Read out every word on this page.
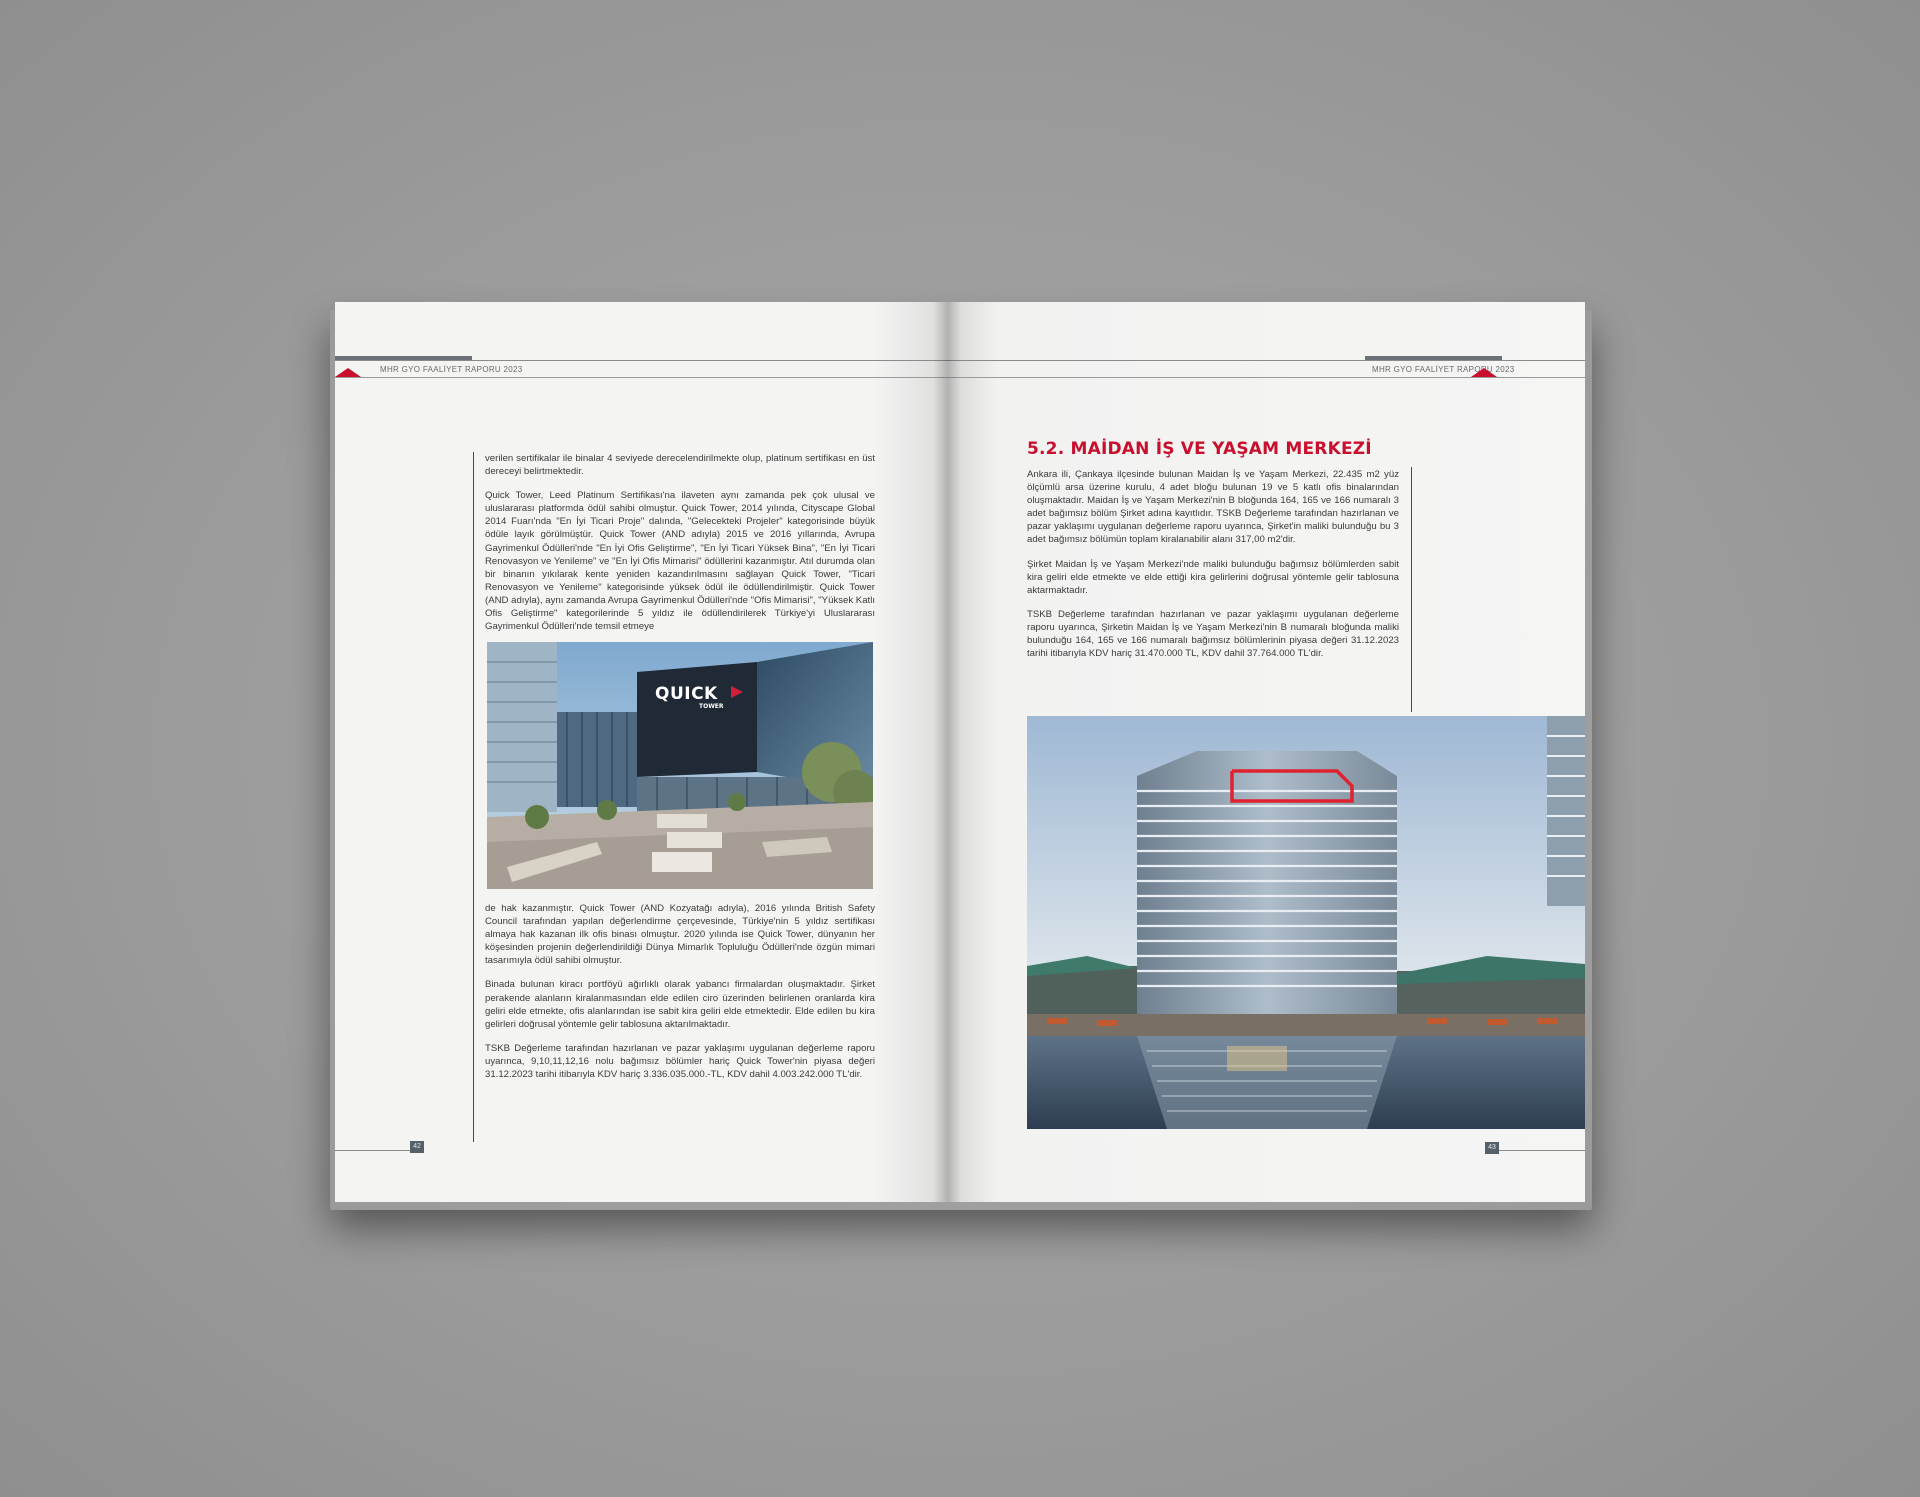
MHR GYO FAALİYET RAPORU 2023

verilen sertifikalar ile binalar 4 seviyede derecelendirilmekte olup, platinum sertifikası en üst dereceyi belirtmektedir.

Quick Tower, Leed Platinum Sertifikası'na ilaveten aynı zamanda pek çok ulusal ve uluslararası platformda ödül sahibi olmuştur. Quick Tower, 2014 yılında, Cityscape Global 2014 Fuarı'nda "En İyi Ticari Proje" dalında, "Gelecekteki Projeler" kategorisinde büyük ödüle layık görülmüştür. Quick Tower (AND adıyla) 2015 ve 2016 yıllarında, Avrupa Gayrimenkul Ödülleri'nde "En İyi Ofis Geliştirme", "En İyi Ticari Yüksek Bina", "En İyi Ticari Renovasyon ve Yenileme" ve "En İyi Ofis Mimarisi" ödüllerini kazanmıştır. Atıl durumda olan bir binanın yıkılarak kente yeniden kazandırılmasını sağlayan Quick Tower, "Ticari Renovasyon ve Yenileme" kategorisinde yüksek ödül ile ödüllendirilmiştir. Quick Tower (AND adıyla), aynı zamanda Avrupa Gayrimenkul Ödülleri'nde "Ofis Mimarisi", "Yüksek Katlı Ofis Geliştirme" kategorilerinde 5 yıldız ile ödüllendirilerek Türkiye'yi Uluslararası Gayrimenkul Ödülleri'nde temsil etmeye

QUICK
TOWER

de hak kazanmıştır. Quick Tower (AND Kozyatağı adıyla), 2016 yılında British Safety Council tarafından yapılan değerlendirme çerçevesinde, Türkiye'nin 5 yıldız sertifikası almaya hak kazanan ilk ofis binası olmuştur. 2020 yılında ise Quick Tower, dünyanın her köşesinden projenin değerlendirildiği Dünya Mimarlık Topluluğu Ödülleri'nde özgün mimari tasarımıyla ödül sahibi olmuştur.

Binada bulunan kiracı portföyü ağırlıklı olarak yabancı firmalardan oluşmaktadır. Şirket perakende alanların kiralanmasından elde edilen ciro üzerinden belirlenen oranlarda kira geliri elde etmekte, ofis alanlarından ise sabit kira geliri elde etmektedir. Elde edilen bu kira gelirleri doğrusal yöntemle gelir tablosuna aktarılmaktadır.

TSKB Değerleme tarafından hazırlanan ve pazar yaklaşımı uygulanan değerleme raporu uyarınca, 9,10,11,12,16 nolu bağımsız bölümler hariç Quick Tower'nin piyasa değeri 31.12.2023 tarihi itibarıyla KDV hariç 3.336.035.000.-TL, KDV dahil 4.003.242.000 TL'dir.

42
MHR GYO FAALİYET RAPORU 2023
5.2. MAİDAN İŞ VE YAŞAM MERKEZİ

Ankara ili, Çankaya ilçesinde bulunan Maidan İş ve Yaşam Merkezi, 22.435 m2 yüz ölçümlü arsa üzerine kurulu, 4 adet bloğu bulunan 19 ve 5 katlı ofis binalarından oluşmaktadır. Maidan İş ve Yaşam Merkezi'nin B bloğunda 164, 165 ve 166 numaralı 3 adet bağımsız bölüm Şirket adına kayıtlıdır. TSKB Değerleme tarafından hazırlanan ve pazar yaklaşımı uygulanan değerleme raporu uyarınca, Şirket'in maliki bulunduğu bu 3 adet bağımsız bölümün toplam kiralanabilir alanı 317,00 m2'dir.

Şirket Maidan İş ve Yaşam Merkezi'nde maliki bulunduğu bağımsız bölümlerden sabit kira geliri elde etmekte ve elde ettiği kira gelirlerini doğrusal yöntemle gelir tablosuna aktarmaktadır.

TSKB Değerleme tarafından hazırlanan ve pazar yaklaşımı uygulanan değerleme raporu uyarınca, Şirketin Maidan İş ve Yaşam Merkezi'nin B numaralı bloğunda maliki bulunduğu 164, 165 ve 166 numaralı bağımsız bölümlerinin piyasa değeri 31.12.2023 tarihi itibarıyla KDV hariç 31.470.000 TL, KDV dahil 37.764.000 TL'dir.

43
